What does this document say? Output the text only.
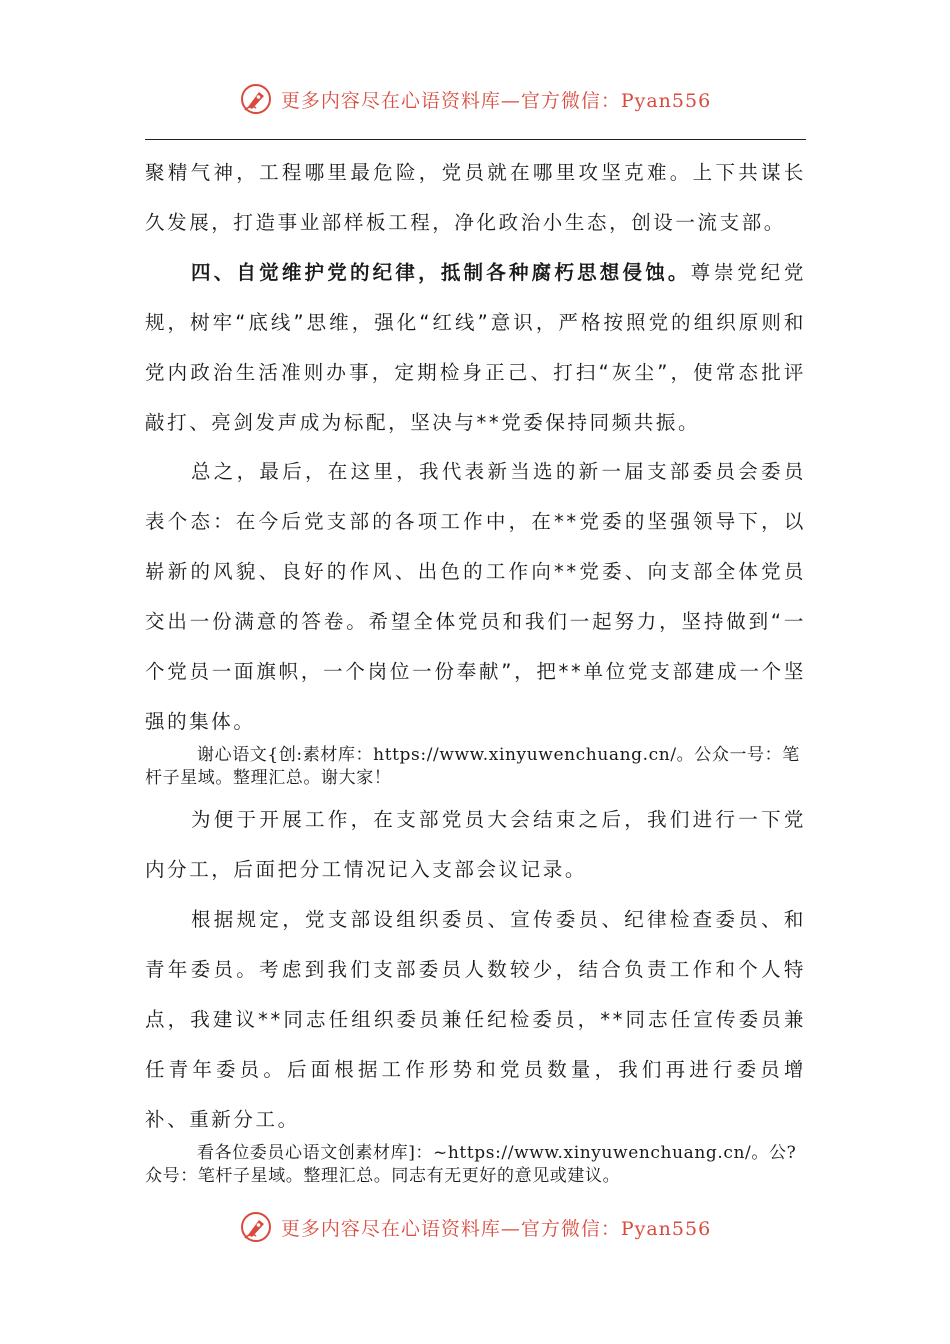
更多内容尽在心语资料库—官方微信：Pyan556

聚精气神，工程哪里最危险，党员就在哪里攻坚克难。上下共谋长久发展，打造事业部样板工程，净化政治小生态，创设一流支部。

四、自觉维护党的纪律，抵制各种腐朽思想侵蚀。尊崇党纪党规，树牢“底线”思维，强化“红线”意识，严格按照党的组织原则和党内政治生活准则办事，定期检身正己、打扫“灰尘”，使常态批评敲打、亮剑发声成为标配，坚决与**党委保持同频共振。

总之，最后，在这里，我代表新当选的新一届支部委员会委员表个态：在今后党支部的各项工作中，在**党委的坚强领导下，以崭新的风貌、良好的作风、出色的工作向**党委、向支部全体党员交出一份满意的答卷。希望全体党员和我们一起努力，坚持做到“一个党员一面旗帜，一个岗位一份奉献”，把**单位党支部建成一个坚强的集体。

谢心语文{创:素材库：https://www.xinyuwenchuang.cn/。公众一号：笔杆子星域。整理汇总。谢大家！

为便于开展工作，在支部党员大会结束之后，我们进行一下党内分工，后面把分工情况记入支部会议记录。

根据规定，党支部设组织委员、宣传委员、纪律检查委员、和青年委员。考虑到我们支部委员人数较少，结合负责工作和个人特点，我建议**同志任组织委员兼任纪检委员，**同志任宣传委员兼任青年委员。后面根据工作形势和党员数量，我们再进行委员增补、重新分工。

看各位委员心语文创素材库]：~https://www.xinyuwenchuang.cn/。公?众号：笔杆子星域。整理汇总。同志有无更好的意见或建议。

更多内容尽在心语资料库—官方微信：Pyan556
